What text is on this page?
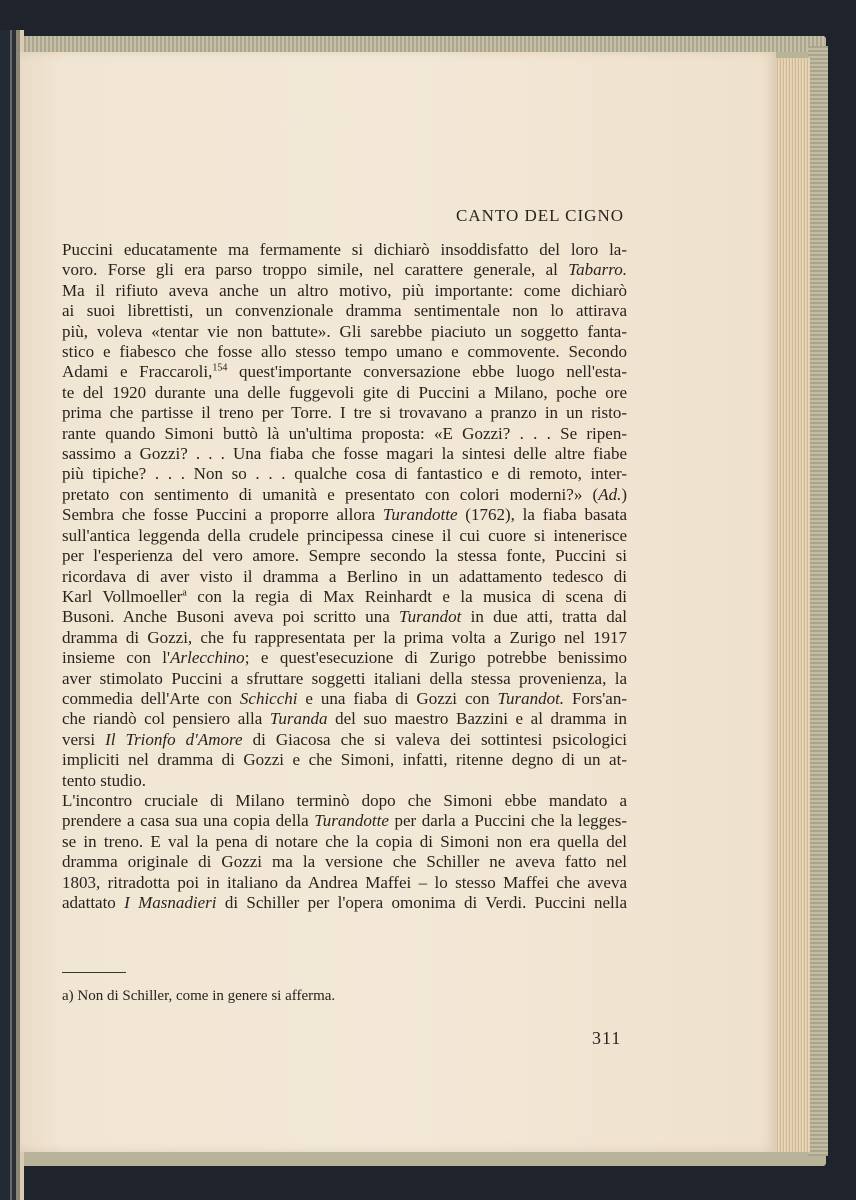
CANTO DEL CIGNO
Puccini educatamente ma fermamente si dichiarò insoddisfatto del loro la-
voro. Forse gli era parso troppo simile, nel carattere generale, al Tabarro.
Ma il rifiuto aveva anche un altro motivo, più importante: come dichiarò
ai suoi librettisti, un convenzionale dramma sentimentale non lo attirava
più, voleva «tentar vie non battute». Gli sarebbe piaciuto un soggetto fanta-
stico e fiabesco che fosse allo stesso tempo umano e commovente. Secondo
Adami e Fraccaroli,$^{154}$ quest'importante conversazione ebbe luogo nell'esta-
te del 1920 durante una delle fuggevoli gite di Puccini a Milano, poche ore
prima che partisse il treno per Torre. I tre si trovavano a pranzo in un risto-
rante quando Simoni buttò là un'ultima proposta: «E Gozzi? . . . Se ripen-
sassimo a Gozzi? . . . Una fiaba che fosse magari la sintesi delle altre fiabe
più tipiche? . . . Non so . . . qualche cosa di fantastico e di remoto, inter-
pretato con sentimento di umanità e presentato con colori moderni?» (Ad.)
Sembra che fosse Puccini a proporre allora Turandotte (1762), la fiaba basata
sull'antica leggenda della crudele principessa cinese il cui cuore si intenerisce
per l'esperienza del vero amore. Sempre secondo la stessa fonte, Puccini si
ricordava di aver visto il dramma a Berlino in un adattamento tedesco di
Karl Vollmoeller$^a$ con la regia di Max Reinhardt e la musica di scena di
Busoni. Anche Busoni aveva poi scritto una Turandot in due atti, tratta dal
dramma di Gozzi, che fu rappresentata per la prima volta a Zurigo nel 1917
insieme con l'Arlecchino; e quest'esecuzione di Zurigo potrebbe benissimo
aver stimolato Puccini a sfruttare soggetti italiani della stessa provenienza, la
commedia dell'Arte con Schicchi e una fiaba di Gozzi con Turandot. Fors'an-
che riandò col pensiero alla Turanda del suo maestro Bazzini e al dramma in
versi Il Trionfo d'Amore di Giacosa che si valeva dei sottintesi psicologici
impliciti nel dramma di Gozzi e che Simoni, infatti, ritenne degno di un at-
tento studio.
L'incontro cruciale di Milano terminò dopo che Simoni ebbe mandato a
prendere a casa sua una copia della Turandotte per darla a Puccini che la legges-
se in treno. E val la pena di notare che la copia di Simoni non era quella del
dramma originale di Gozzi ma la versione che Schiller ne aveva fatto nel
1803, ritradotta poi in italiano da Andrea Maffei – lo stesso Maffei che aveva
adattato I Masnadieri di Schiller per l'opera omonima di Verdi. Puccini nella
a) Non di Schiller, come in genere si afferma.
311
